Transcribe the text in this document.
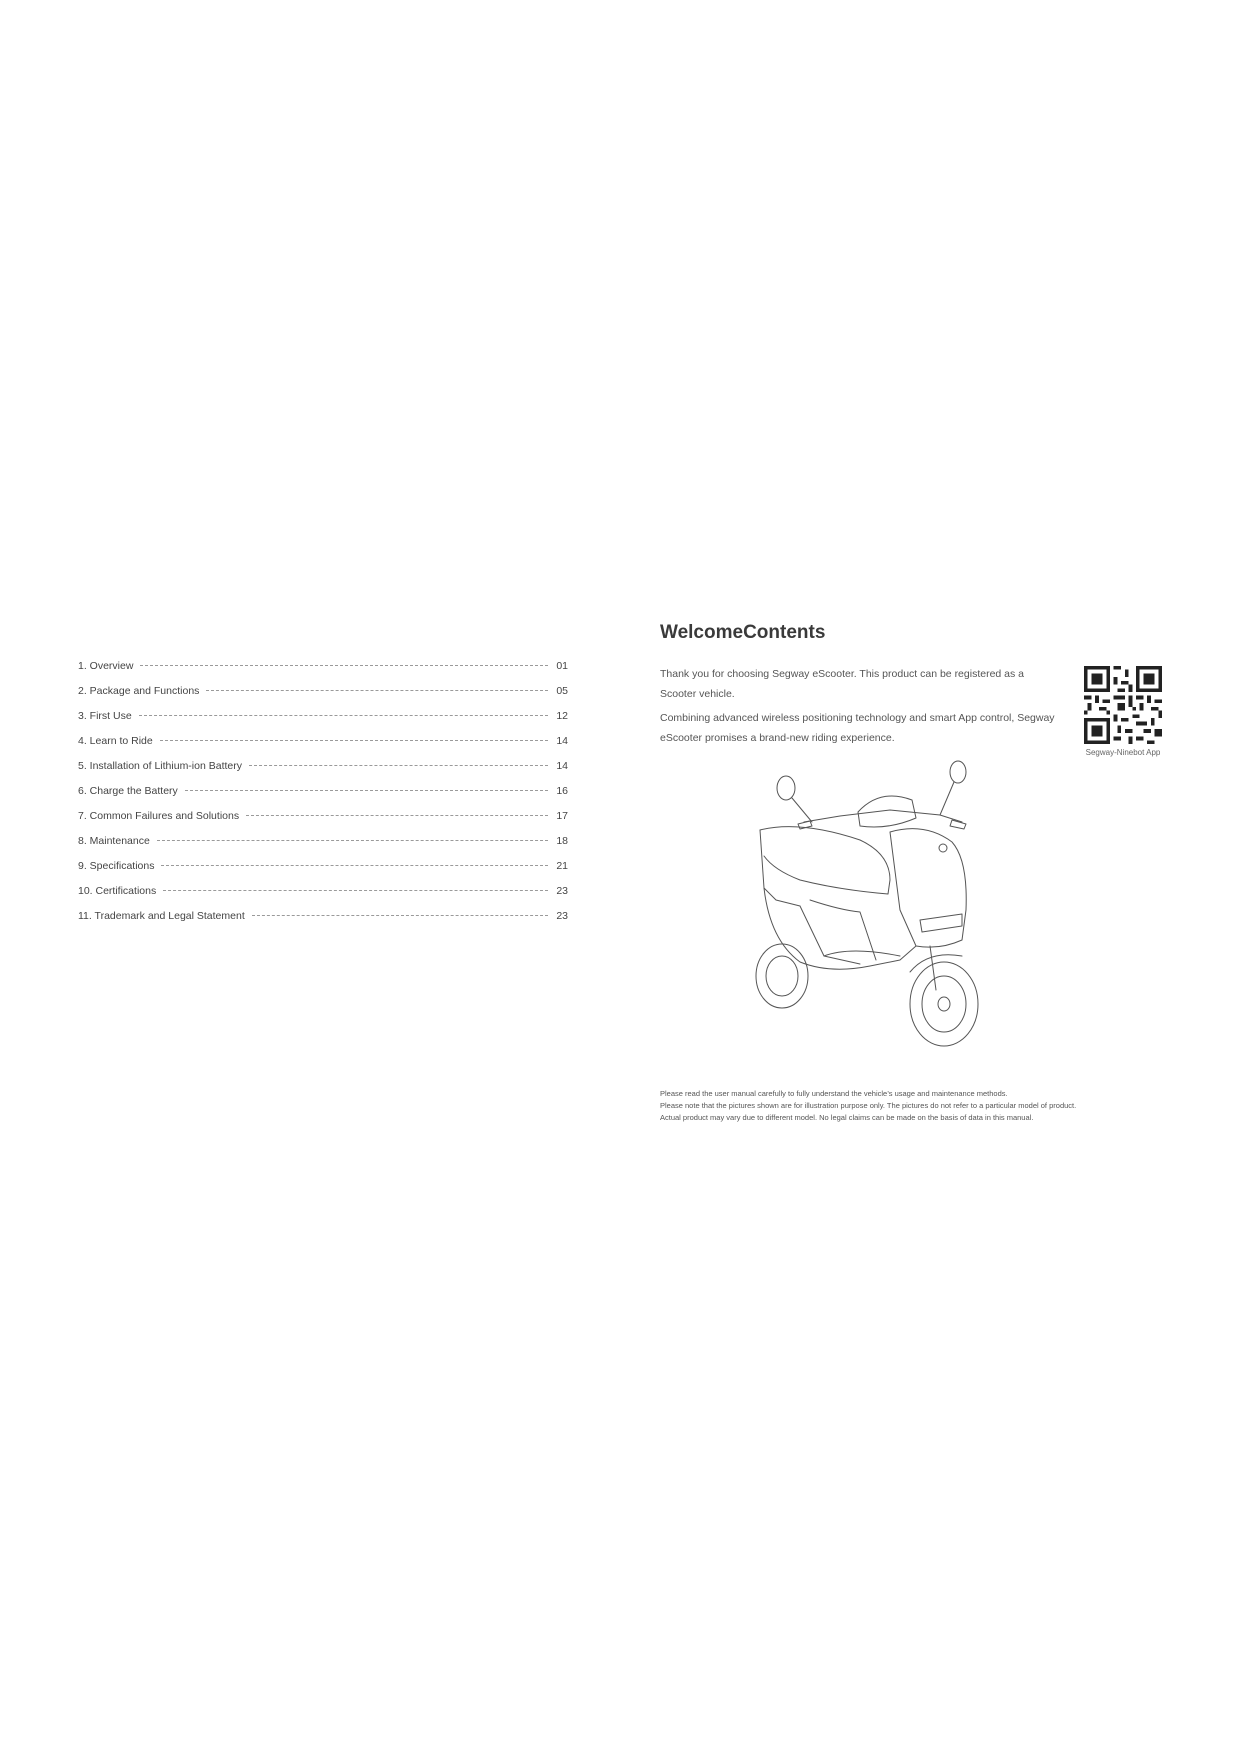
1. Overview	01
2. Package and Functions	05
3. First Use	12
4. Learn to Ride	14
5. Installation of Lithium-ion Battery	14
6. Charge the Battery	16
7. Common Failures and Solutions	17
8. Maintenance	18
9. Specifications	21
10. Certifications	23
11. Trademark and Legal Statement	23
WelcomeContents

Thank you for choosing Segway eScooter. This product can be registered as a Scooter vehicle.

Combining advanced wireless positioning technology and smart App control, Segway eScooter promises a brand-new riding experience.

Segway-Ninebot App
Please read the user manual carefully to fully understand the vehicle’s usage and maintenance methods.
Please note that the pictures shown are for illustration purpose only. The pictures do not refer to a particular model of product.
Actual product may vary due to different model. No legal claims can be made on the basis of data in this manual.
